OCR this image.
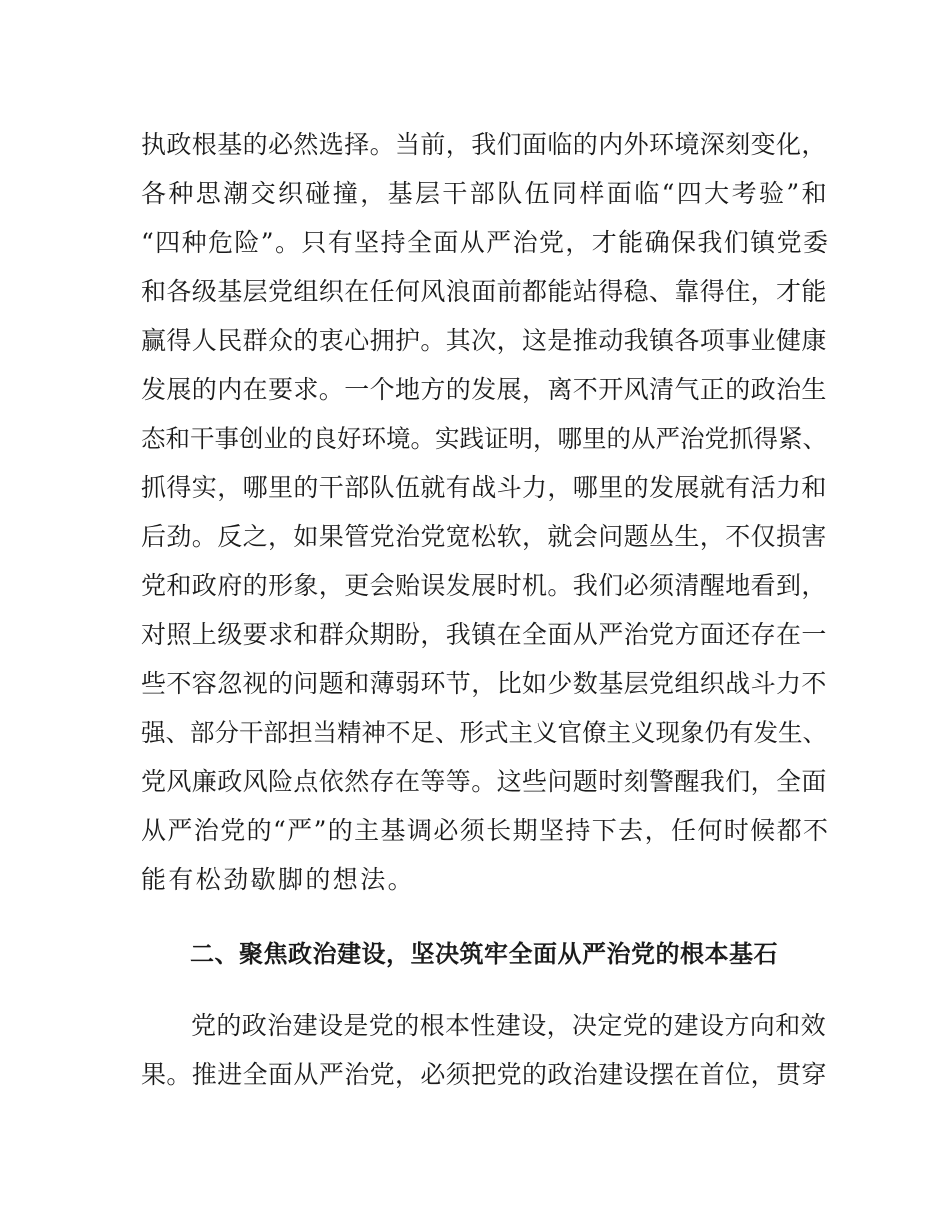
执政根基的必然选择。当前，我们面临的内外环境深刻变化，
各种思潮交织碰撞，基层干部队伍同样面临“四大考验”和
“四种危险”。只有坚持全面从严治党，才能确保我们镇党委
和各级基层党组织在任何风浪面前都能站得稳、靠得住，才能
赢得人民群众的衷心拥护。其次，这是推动我镇各项事业健康
发展的内在要求。一个地方的发展，离不开风清气正的政治生
态和干事创业的良好环境。实践证明，哪里的从严治党抓得紧、
抓得实，哪里的干部队伍就有战斗力，哪里的发展就有活力和
后劲。反之，如果管党治党宽松软，就会问题丛生，不仅损害
党和政府的形象，更会贻误发展时机。我们必须清醒地看到，
对照上级要求和群众期盼，我镇在全面从严治党方面还存在一
些不容忽视的问题和薄弱环节，比如少数基层党组织战斗力不
强、部分干部担当精神不足、形式主义官僚主义现象仍有发生、
党风廉政风险点依然存在等等。这些问题时刻警醒我们，全面
从严治党的“严”的主基调必须长期坚持下去，任何时候都不
能有松劲歇脚的想法。
二、聚焦政治建设，坚决筑牢全面从严治党的根本基石
党的政治建设是党的根本性建设，决定党的建设方向和效
果。推进全面从严治党，必须把党的政治建设摆在首位，贯穿
